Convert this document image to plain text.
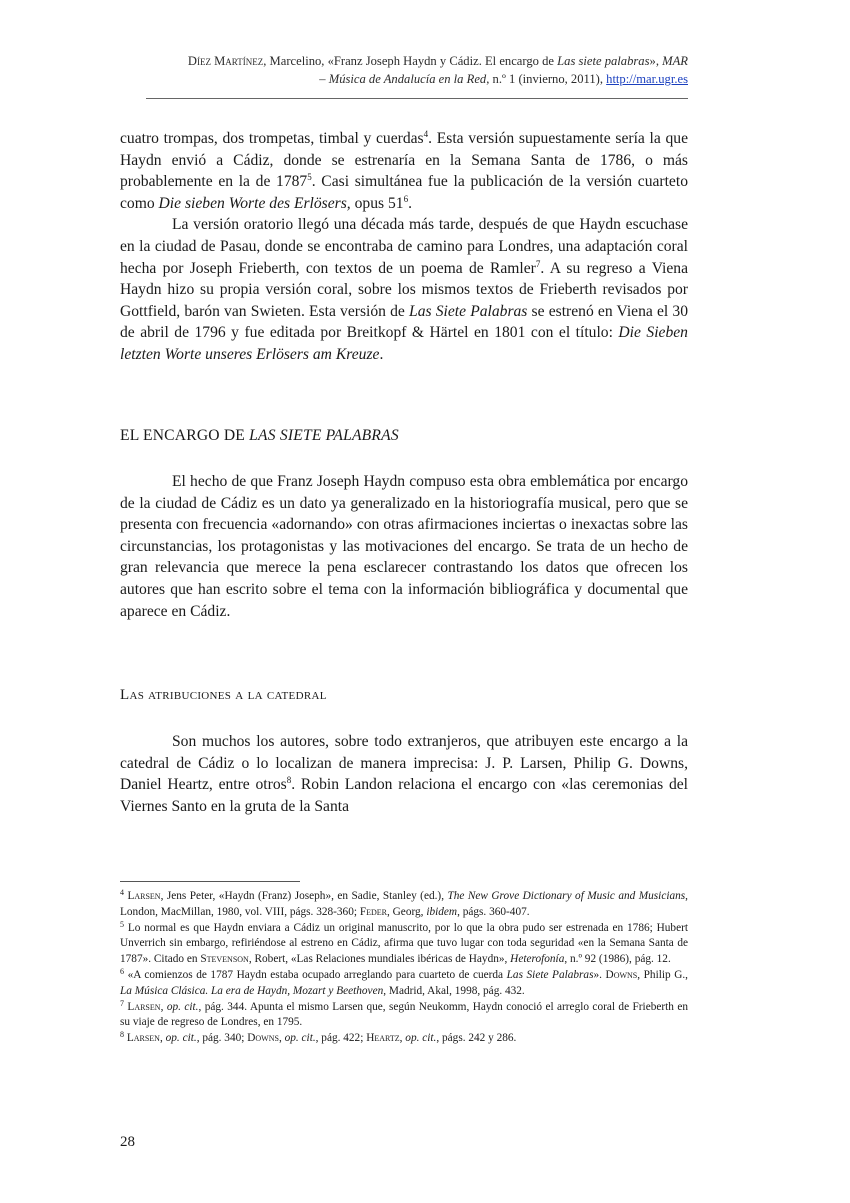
Díez Martínez, Marcelino, «Franz Joseph Haydn y Cádiz. El encargo de Las siete palabras», MAR
– Música de Andalucía en la Red, n.º 1 (invierno, 2011), http://mar.ugr.es

cuatro trompas, dos trompetas, timbal y cuerdas$^4$. Esta versión supuestamente sería la que Haydn envió a Cádiz, donde se estrenaría en la Semana Santa de 1786, o más probablemente en la de 1787$^5$. Casi simultánea fue la publicación de la versión cuarteto como Die sieben Worte des Erlösers, opus $51^6$.

La versión oratorio llegó una década más tarde, después de que Haydn escuchase en la ciudad de Pasau, donde se encontraba de camino para Londres, una adaptación coral hecha por Joseph Frieberth, con textos de un poema de Ramler$^7$. A su regreso a Viena Haydn hizo su propia versión coral, sobre los mismos textos de Frieberth revisados por Gottfield, barón van Swieten. Esta versión de Las Siete Palabras se estrenó en Viena el 30 de abril de 1796 y fue editada por Breitkopf & Härtel en 1801 con el título: Die Sieben letzten Worte unseres Erlösers am Kreuze.

EL ENCARGO DE LAS SIETE PALABRAS

El hecho de que Franz Joseph Haydn compuso esta obra emblemática por encargo de la ciudad de Cádiz es un dato ya generalizado en la historiografía musical, pero que se presenta con frecuencia «adornando» con otras afirmaciones inciertas o inexactas sobre las circunstancias, los protagonistas y las motivaciones del encargo. Se trata de un hecho de gran relevancia que merece la pena esclarecer contrastando los datos que ofrecen los autores que han escrito sobre el tema con la información bibliográfica y documental que aparece en Cádiz.

Las atribuciones a la catedral

Son muchos los autores, sobre todo extranjeros, que atribuyen este encargo a la catedral de Cádiz o lo localizan de manera imprecisa: J. P. Larsen, Philip G. Downs, Daniel Heartz, entre otros$^8$. Robin Landon relaciona el encargo con «las ceremonias del Viernes Santo en la gruta de la Santa

$^4$ Larsen, Jens Peter, «Haydn (Franz) Joseph», en Sadie, Stanley (ed.), The New Grove Dictionary of Music and Musicians, London, MacMillan, 1980, vol. VIII, págs. 328-360; Feder, Georg, ibidem, págs. 360-407.

$^5$ Lo normal es que Haydn enviara a Cádiz un original manuscrito, por lo que la obra pudo ser estrenada en 1786; Hubert Unverrich sin embargo, refiriéndose al estreno en Cádiz, afirma que tuvo lugar con toda seguridad «en la Semana Santa de 1787». Citado en Stevenson, Robert, «Las Relaciones mundiales ibéricas de Haydn», Heterofonía, n.º 92 (1986), pág. 12.

$^6$ «A comienzos de 1787 Haydn estaba ocupado arreglando para cuarteto de cuerda Las Siete Palabras». Downs, Philip G., La Música Clásica. La era de Haydn, Mozart y Beethoven, Madrid, Akal, 1998, pág. 432.

$^7$ Larsen, op. cit., pág. 344. Apunta el mismo Larsen que, según Neukomm, Haydn conoció el arreglo coral de Frieberth en su viaje de regreso de Londres, en 1795.

$^8$ Larsen, op. cit., pág. 340; Downs, op. cit., pág. 422; Heartz, op. cit., págs. 242 y 286.

28
